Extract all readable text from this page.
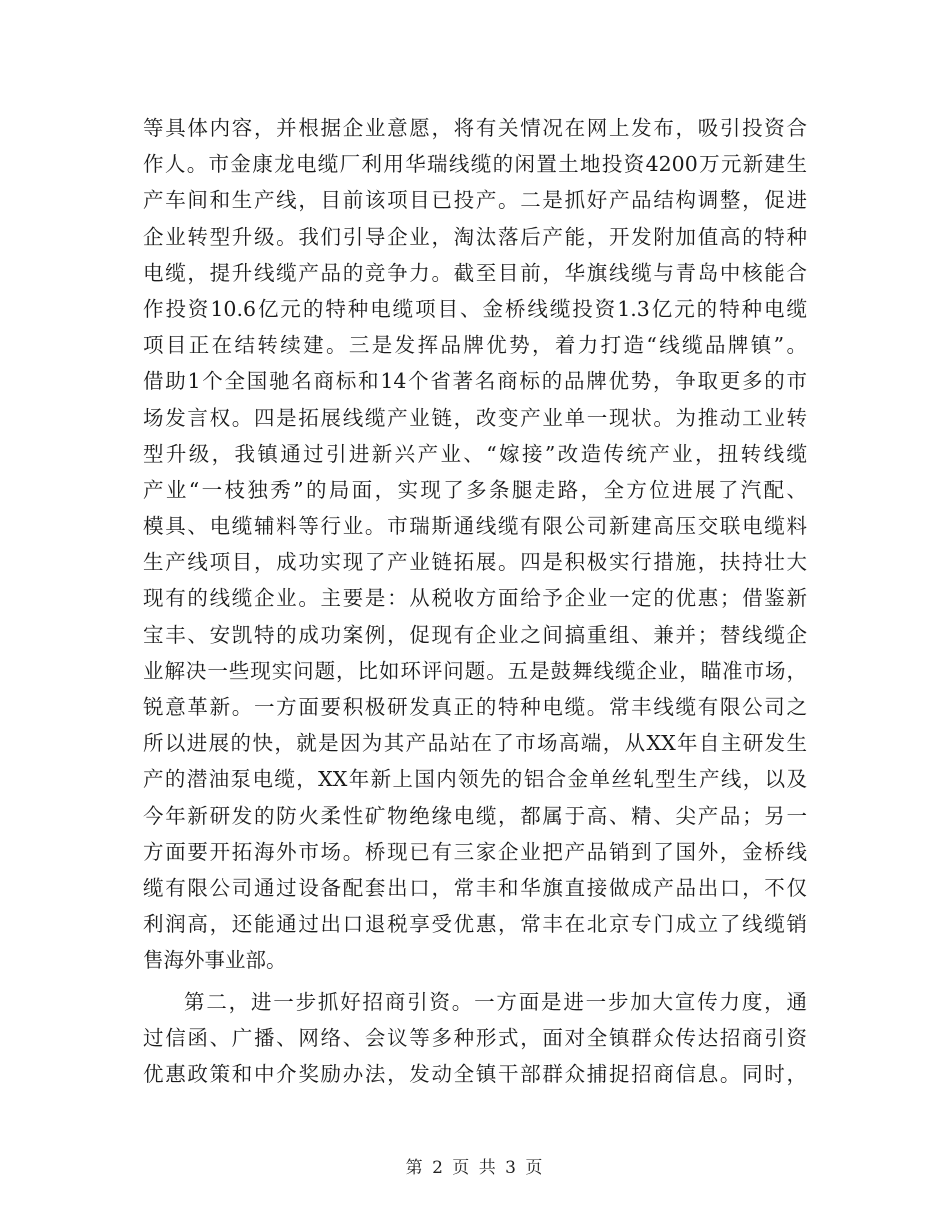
等具体内容，并根据企业意愿，将有关情况在网上发布，吸引投资合
作人。市金康龙电缆厂利用华瑞线缆的闲置土地投资4200万元新建生
产车间和生产线，目前该项目已投产。二是抓好产品结构调整，促进
企业转型升级。我们引导企业，淘汰落后产能，开发附加值高的特种
电缆，提升线缆产品的竞争力。截至目前，华旗线缆与青岛中核能合
作投资10.6亿元的特种电缆项目、金桥线缆投资1.3亿元的特种电缆
项目正在结转续建。三是发挥品牌优势，着力打造“线缆品牌镇”。
借助1个全国驰名商标和14个省著名商标的品牌优势，争取更多的市
场发言权。四是拓展线缆产业链，改变产业单一现状。为推动工业转
型升级，我镇通过引进新兴产业、“嫁接”改造传统产业，扭转线缆
产业“一枝独秀”的局面，实现了多条腿走路，全方位进展了汽配、
模具、电缆辅料等行业。市瑞斯通线缆有限公司新建高压交联电缆料
生产线项目，成功实现了产业链拓展。四是积极实行措施，扶持壮大
现有的线缆企业。主要是：从税收方面给予企业一定的优惠；借鉴新
宝丰、安凯特的成功案例，促现有企业之间搞重组、兼并；替线缆企
业解决一些现实问题，比如环评问题。五是鼓舞线缆企业，瞄准市场，
锐意革新。一方面要积极研发真正的特种电缆。常丰线缆有限公司之
所以进展的快，就是因为其产品站在了市场高端，从XX年自主研发生
产的潜油泵电缆，XX年新上国内领先的铝合金单丝轧型生产线，以及
今年新研发的防火柔性矿物绝缘电缆，都属于高、精、尖产品；另一
方面要开拓海外市场。桥现已有三家企业把产品销到了国外，金桥线
缆有限公司通过设备配套出口，常丰和华旗直接做成产品出口，不仅
利润高，还能通过出口退税享受优惠，常丰在北京专门成立了线缆销
售海外事业部。
第二，进一步抓好招商引资。一方面是进一步加大宣传力度，通
过信函、广播、网络、会议等多种形式，面对全镇群众传达招商引资
优惠政策和中介奖励办法，发动全镇干部群众捕捉招商信息。同时，
第 2 页 共 3 页
